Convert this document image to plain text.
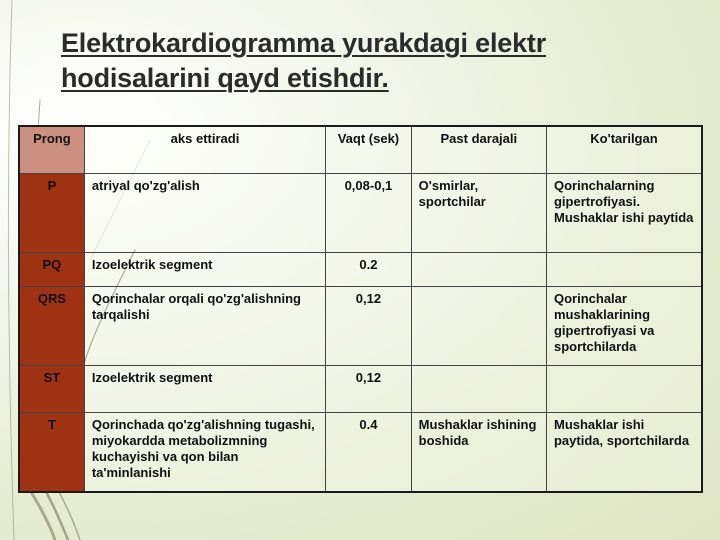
Elektrokardiogramma yurakdagi elektr hodisalarini qayd etishdir.
Prong	aks ettiradi	Vaqt (sek)	Past darajali	Ko'tarilgan
P	atriyal qo'zg'alish	0,08-0,1	O'smirlar, sportchilar	Qorinchalarning gipertrofiyasi. Mushaklar ishi paytida
PQ	Izoelektrik segment	0.2		
QRS	Qorinchalar orqali qo'zg'alishning tarqalishi	0,12		Qorinchalar mushaklarining gipertrofiyasi va sportchilarda
ST	Izoelektrik segment	0,12		
T	Qorinchada qo'zg'alishning tugashi, miyokardda metabolizmning kuchayishi va qon bilan ta'minlanishi	0.4	Mushaklar ishining boshida	Mushaklar ishi paytida, sportchilarda
